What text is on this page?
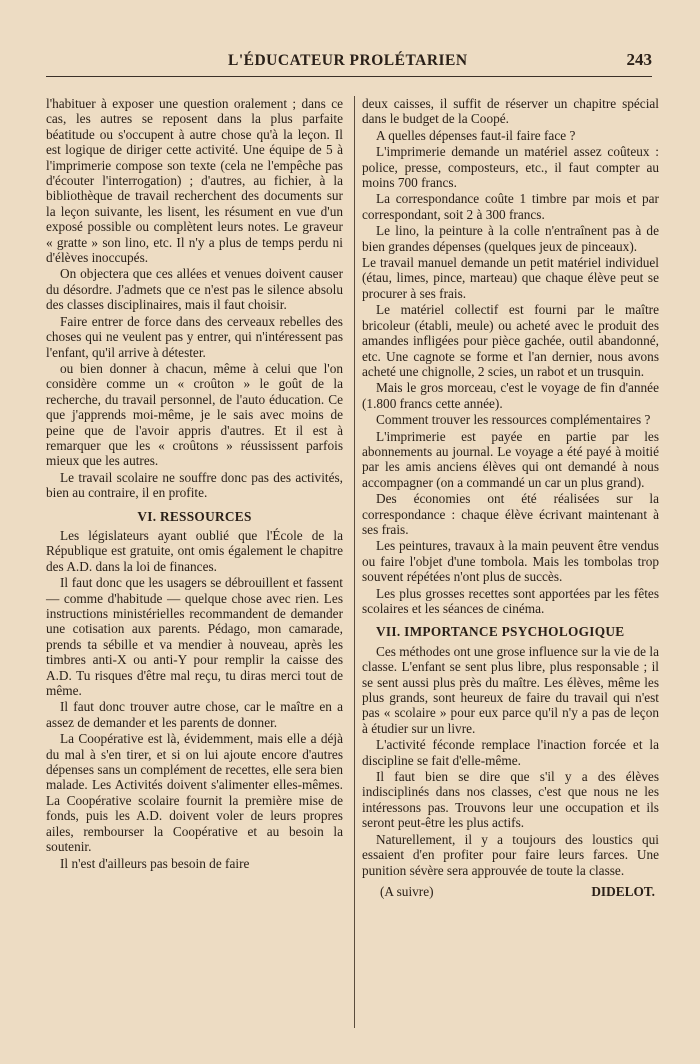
L'ÉDUCATEUR PROLÉTARIEN	243

l'habituer à exposer une question oralement ; dans ce cas, les autres se reposent dans la plus parfaite béatitude ou s'occupent à autre chose qu'à la leçon. Il est logique de diriger cette activité. Une équipe de 5 à l'imprimerie compose son texte (cela ne l'empêche pas d'écouter l'interrogation) ; d'autres, au fichier, à la bibliothèque de travail recherchent des documents sur la leçon suivante, les lisent, les résument en vue d'un exposé possible ou complètent leurs notes. Le graveur « gratte » son lino, etc. Il n'y a plus de temps perdu ni d'élèves inoccupés.

On objectera que ces allées et venues doivent causer du désordre. J'admets que ce n'est pas le silence absolu des classes disciplinaires, mais il faut choisir.

Faire entrer de force dans des cerveaux rebelles des choses qui ne veulent pas y entrer, qui n'intéressent pas l'enfant, qu'il arrive à détester.

ou bien donner à chacun, même à celui que l'on considère comme un « croûton » le goût de la recherche, du travail personnel, de l'auto éducation. Ce que j'apprends moi-même, je le sais avec moins de peine que de l'avoir appris d'autres. Et il est à remarquer que les « croûtons » réussissent parfois mieux que les autres.

Le travail scolaire ne souffre donc pas des activités, bien au contraire, il en profite.

VI. RESSOURCES

Les législateurs ayant oublié que l'École de la République est gratuite, ont omis également le chapitre des A.D. dans la loi de finances.

Il faut donc que les usagers se débrouillent et fassent — comme d'habitude — quelque chose avec rien. Les instructions ministérielles recommandent de demander une cotisation aux parents. Pédago, mon camarade, prends ta sébille et va mendier à nouveau, après les timbres anti-X ou anti-Y pour remplir la caisse des A.D. Tu risques d'être mal reçu, tu diras merci tout de même.

Il faut donc trouver autre chose, car le maître en a assez de demander et les parents de donner.

La Coopérative est là, évidemment, mais elle a déjà du mal à s'en tirer, et si on lui ajoute encore d'autres dépenses sans un complément de recettes, elle sera bien malade. Les Activités doivent s'alimenter elles-mêmes. La Coopérative scolaire fournit la première mise de fonds, puis les A.D. doivent voler de leurs propres ailes, rembourser la Coopérative et au besoin la soutenir.

Il n'est d'ailleurs pas besoin de faire

deux caisses, il suffit de réserver un chapitre spécial dans le budget de la Coopé.

A quelles dépenses faut-il faire face ?

L'imprimerie demande un matériel assez coûteux : police, presse, composteurs, etc., il faut compter au moins 700 francs.

La correspondance coûte 1 timbre par mois et par correspondant, soit 2 à 300 francs.

Le lino, la peinture à la colle n'entraînent pas à de bien grandes dépenses (quelques jeux de pinceaux).

Le travail manuel demande un petit matériel individuel (étau, limes, pince, marteau) que chaque élève peut se procurer à ses frais.

Le matériel collectif est fourni par le maître bricoleur (établi, meule) ou acheté avec le produit des amandes infligées pour pièce gachée, outil abandonné, etc. Une cagnote se forme et l'an dernier, nous avons acheté une chignolle, 2 scies, un rabot et un trusquin.

Mais le gros morceau, c'est le voyage de fin d'année (1.800 francs cette année).

Comment trouver les ressources complémentaires ?

L'imprimerie est payée en partie par les abonnements au journal. Le voyage a été payé à moitié par les amis anciens élèves qui ont demandé à nous accompagner (on a commandé un car un plus grand).

Des économies ont été réalisées sur la correspondance : chaque élève écrivant maintenant à ses frais.

Les peintures, travaux à la main peuvent être vendus ou faire l'objet d'une tombola. Mais les tombolas trop souvent répétées n'ont plus de succès.

Les plus grosses recettes sont apportées par les fêtes scolaires et les séances de cinéma.

VII. IMPORTANCE PSYCHOLOGIQUE

Ces méthodes ont une grose influence sur la vie de la classe. L'enfant se sent plus libre, plus responsable ; il se sent aussi plus près du maître. Les élèves, même les plus grands, sont heureux de faire du travail qui n'est pas « scolaire » pour eux parce qu'il n'y a pas de leçon à étudier sur un livre.

L'activité féconde remplace l'inaction forcée et la discipline se fait d'elle-même.

Il faut bien se dire que s'il y a des élèves indisciplinés dans nos classes, c'est que nous ne les intéressons pas. Trouvons leur une occupation et ils seront peut-être les plus actifs.

Naturellement, il y a toujours des loustics qui essaient d'en profiter pour faire leurs farces. Une punition sévère sera approuvée de toute la classe.

(A suivre)	DIDELOT.
